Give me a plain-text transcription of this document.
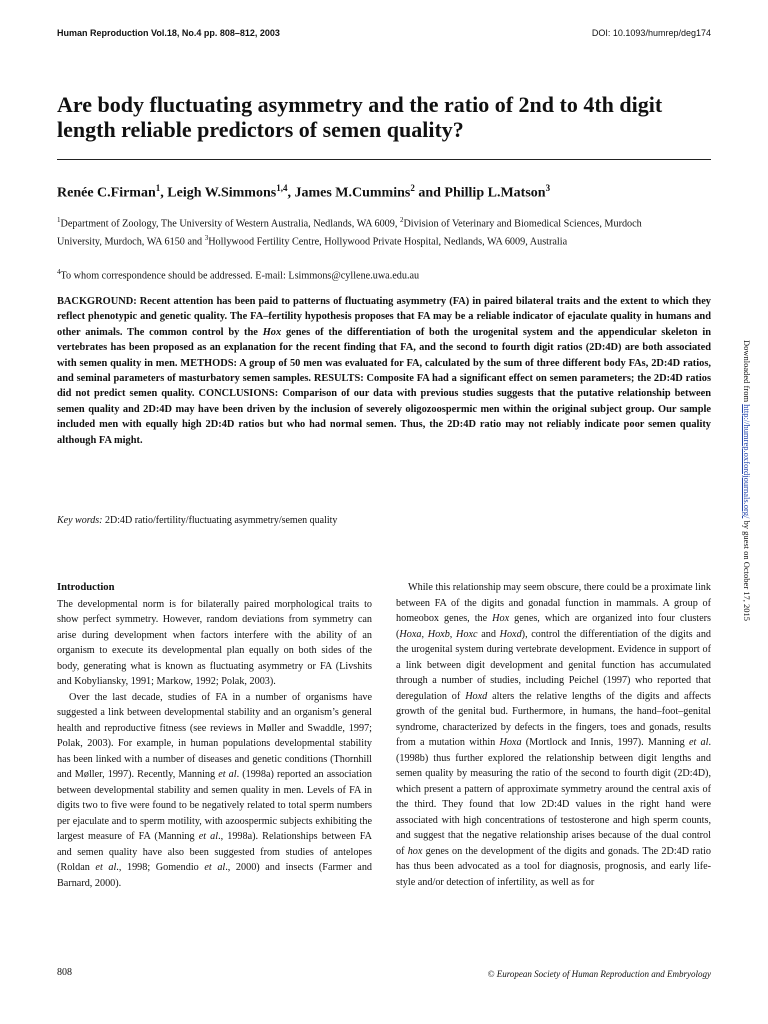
Human Reproduction Vol.18, No.4 pp. 808–812, 2003	DOI: 10.1093/humrep/deg174
Are body fluctuating asymmetry and the ratio of 2nd to 4th digit length reliable predictors of semen quality?
Renée C.Firman$^1$, Leigh W.Simmons$^{1,4}$, James M.Cummins$^2$ and Phillip L.Matson$^3$
$^1$Department of Zoology, The University of Western Australia, Nedlands, WA 6009, $^2$Division of Veterinary and Biomedical Sciences, Murdoch University, Murdoch, WA 6150 and $^3$Hollywood Fertility Centre, Hollywood Private Hospital, Nedlands, WA 6009, Australia
$^4$To whom correspondence should be addressed. E-mail: Lsimmons@cyllene.uwa.edu.au

BACKGROUND: Recent attention has been paid to patterns of fluctuating asymmetry (FA) in paired bilateral traits and the extent to which they reflect phenotypic and genetic quality. The FA–fertility hypothesis proposes that FA may be a reliable indicator of ejaculate quality in humans and other animals. The common control by the Hox genes of the differentiation of both the urogenital system and the appendicular skeleton in vertebrates has been proposed as an explanation for the recent finding that FA, and the second to fourth digit ratios (2D:4D) are both associated with semen quality in men. METHODS: A group of 50 men was evaluated for FA, calculated by the sum of three different body FAs, 2D:4D ratios, and seminal parameters of masturbatory semen samples. RESULTS: Composite FA had a significant effect on semen parameters; the 2D:4D ratios did not predict semen quality. CONCLUSIONS: Comparison of our data with previous studies suggests that the putative relationship between semen quality and 2D:4D may have been driven by the inclusion of severely oligozoospermic men within the original subject group. Our sample included men with equally high 2D:4D ratios but who had normal semen. Thus, the 2D:4D ratio may not reliably indicate poor semen quality although FA might.

Key words: 2D:4D ratio/fertility/fluctuating asymmetry/semen quality
Introduction

The developmental norm is for bilaterally paired morphological traits to show perfect symmetry. However, random deviations from symmetry can arise during development when factors interfere with the ability of an organism to execute its developmental plan equally on both sides of the body, generating what is known as fluctuating asymmetry or FA (Livshits and Kobyliansky, 1991; Markow, 1992; Polak, 2003).

Over the last decade, studies of FA in a number of organisms have suggested a link between developmental stability and an organism’s general health and reproductive fitness (see reviews in Møller and Swaddle, 1997; Polak, 2003). For example, in human populations developmental stability has been linked with a number of diseases and genetic conditions (Thornhill and Møller, 1997). Recently, Manning et al. (1998a) reported an association between developmental stability and semen quality in men. Levels of FA in digits two to five were found to be negatively related to total sperm numbers per ejaculate and to sperm motility, with azoospermic subjects exhibiting the largest measure of FA (Manning et al., 1998a). Relationships between FA and semen quality have also been suggested from studies of antelopes (Roldan et al., 1998; Gomendio et al., 2000) and insects (Farmer and Barnard, 2000).

While this relationship may seem obscure, there could be a proximate link between FA of the digits and gonadal function in mammals. A group of homeobox genes, the Hox genes, which are organized into four clusters (Hoxa, Hoxb, Hoxc and Hoxd), control the differentiation of the digits and the urogenital system during vertebrate development. Evidence in support of a link between digit development and genital function has accumulated through a number of studies, including Peichel (1997) who reported that deregulation of Hoxd alters the relative lengths of the digits and affects growth of the genital bud. Furthermore, in humans, the hand–foot–genital syndrome, characterized by defects in the fingers, toes and gonads, results from a mutation within Hoxa (Mortlock and Innis, 1997). Manning et al. (1998b) thus further explored the relationship between digit lengths and semen quality by measuring the ratio of the second to fourth digit (2D:4D), which present a pattern of approximate symmetry around the central axis of the third. They found that low 2D:4D values in the right hand were associated with high concentrations of testosterone and high sperm counts, and suggest that the negative relationship arises because of the dual control of hox genes on the development of the digits and gonads. The 2D:4D ratio has thus been advocated as a tool for diagnosis, prognosis, and early life-style and/or detection of infertility, as well as for

808	© European Society of Human Reproduction and Embryology
Downloaded from http://humrep.oxfordjournals.org/ by guest on October 17, 2015
